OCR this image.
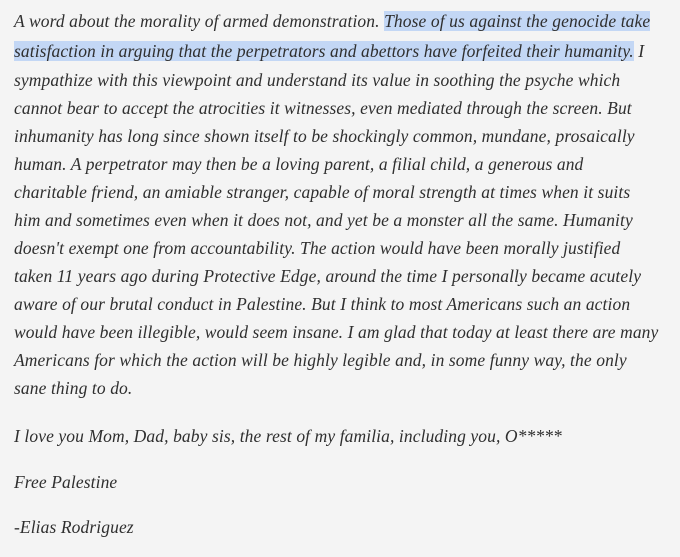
A word about the morality of armed demonstration. Those of us against the genocide take
satisfaction in arguing that the perpetrators and abettors have forfeited their humanity. I
sympathize with this viewpoint and understand its value in soothing the psyche which
cannot bear to accept the atrocities it witnesses, even mediated through the screen. But
inhumanity has long since shown itself to be shockingly common, mundane, prosaically
human. A perpetrator may then be a loving parent, a filial child, a generous and
charitable friend, an amiable stranger, capable of moral strength at times when it suits
him and sometimes even when it does not, and yet be a monster all the same. Humanity
doesn't exempt one from accountability. The action would have been morally justified
taken 11 years ago during Protective Edge, around the time I personally became acutely
aware of our brutal conduct in Palestine. But I think to most Americans such an action
would have been illegible, would seem insane. I am glad that today at least there are many
Americans for which the action will be highly legible and, in some funny way, the only
sane thing to do.
I love you Mom, Dad, baby sis, the rest of my familia, including you, O*****
Free Palestine
-Elias Rodriguez
